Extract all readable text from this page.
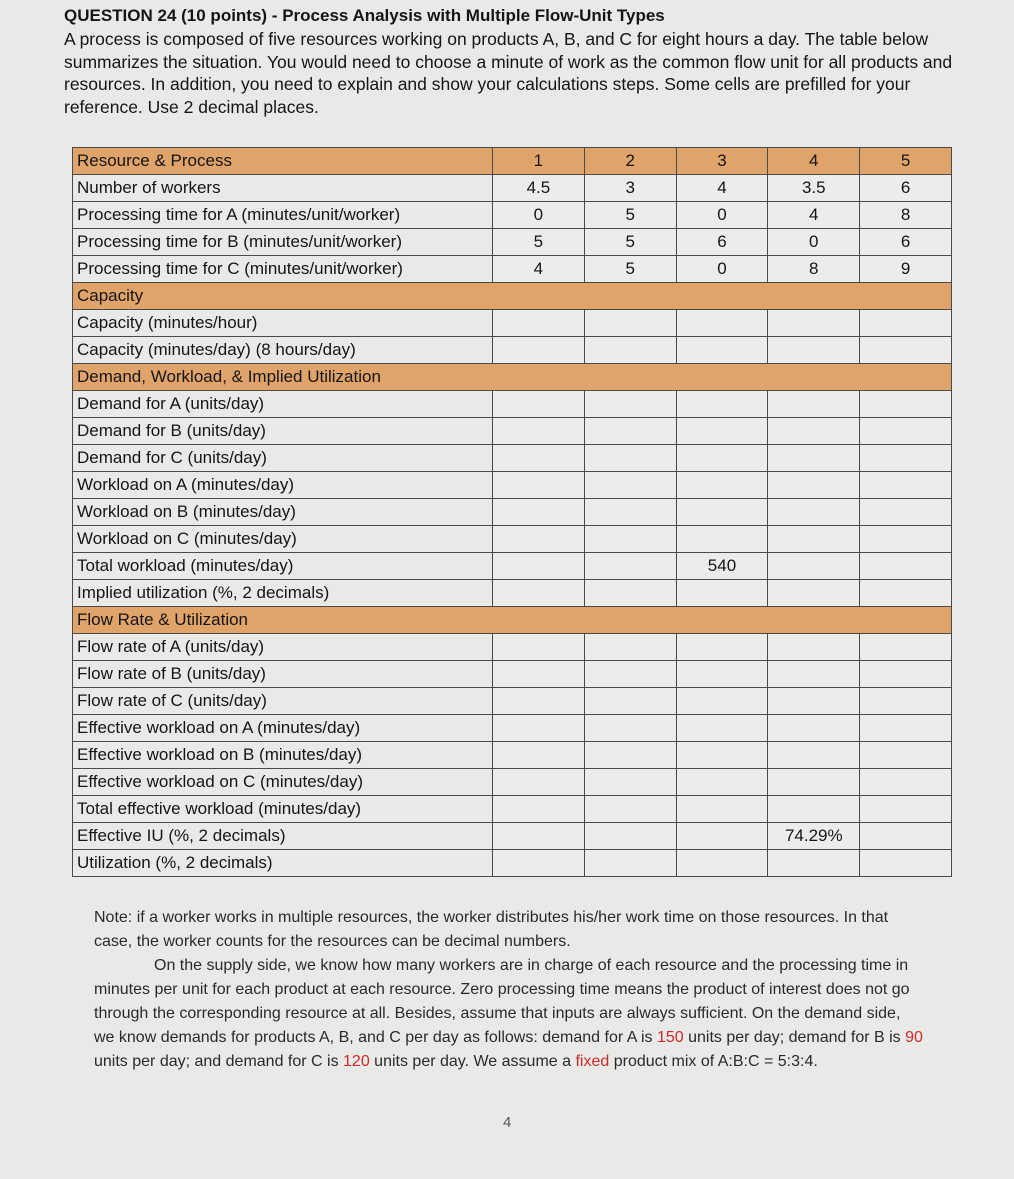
QUESTION 24 (10 points) - Process Analysis with Multiple Flow-Unit Types

A process is composed of five resources working on products A, B, and C for eight hours a day. The table below summarizes the situation. You would need to choose a minute of work as the common flow unit for all products and resources. In addition, you need to explain and show your calculations steps. Some cells are prefilled for your reference. Use 2 decimal places.

Resource & Process	1	2	3	4	5
Number of workers	4.5	3	4	3.5	6
Processing time for A (minutes/unit/worker)	0	5	0	4	8
Processing time for B (minutes/unit/worker)	5	5	6	0	6
Processing time for C (minutes/unit/worker)	4	5	0	8	9
Capacity					
Capacity (minutes/hour)					
Capacity (minutes/day) (8 hours/day)					
Demand, Workload, & Implied Utilization					
Demand for A (units/day)					
Demand for B (units/day)					
Demand for C (units/day)					
Workload on A (minutes/day)					
Workload on B (minutes/day)					
Workload on C (minutes/day)					
Total workload (minutes/day)			540		
Implied utilization (%, 2 decimals)					
Flow Rate & Utilization					
Flow rate of A (units/day)					
Flow rate of B (units/day)					
Flow rate of C (units/day)					
Effective workload on A (minutes/day)					
Effective workload on B (minutes/day)					
Effective workload on C (minutes/day)					
Total effective workload (minutes/day)					
Effective IU (%, 2 decimals)				74.29%	
Utilization (%, 2 decimals)					

Note: if a worker works in multiple resources, the worker distributes his/her work time on those resources. In that case, the worker counts for the resources can be decimal numbers.

On the supply side, we know how many workers are in charge of each resource and the processing time in minutes per unit for each product at each resource. Zero processing time means the product of interest does not go through the corresponding resource at all. Besides, assume that inputs are always sufficient. On the demand side, we know demands for products A, B, and C per day as follows: demand for A is 150 units per day; demand for B is 90 units per day; and demand for C is 120 units per day. We assume a fixed product mix of A:B:C = 5:3:4.

4
